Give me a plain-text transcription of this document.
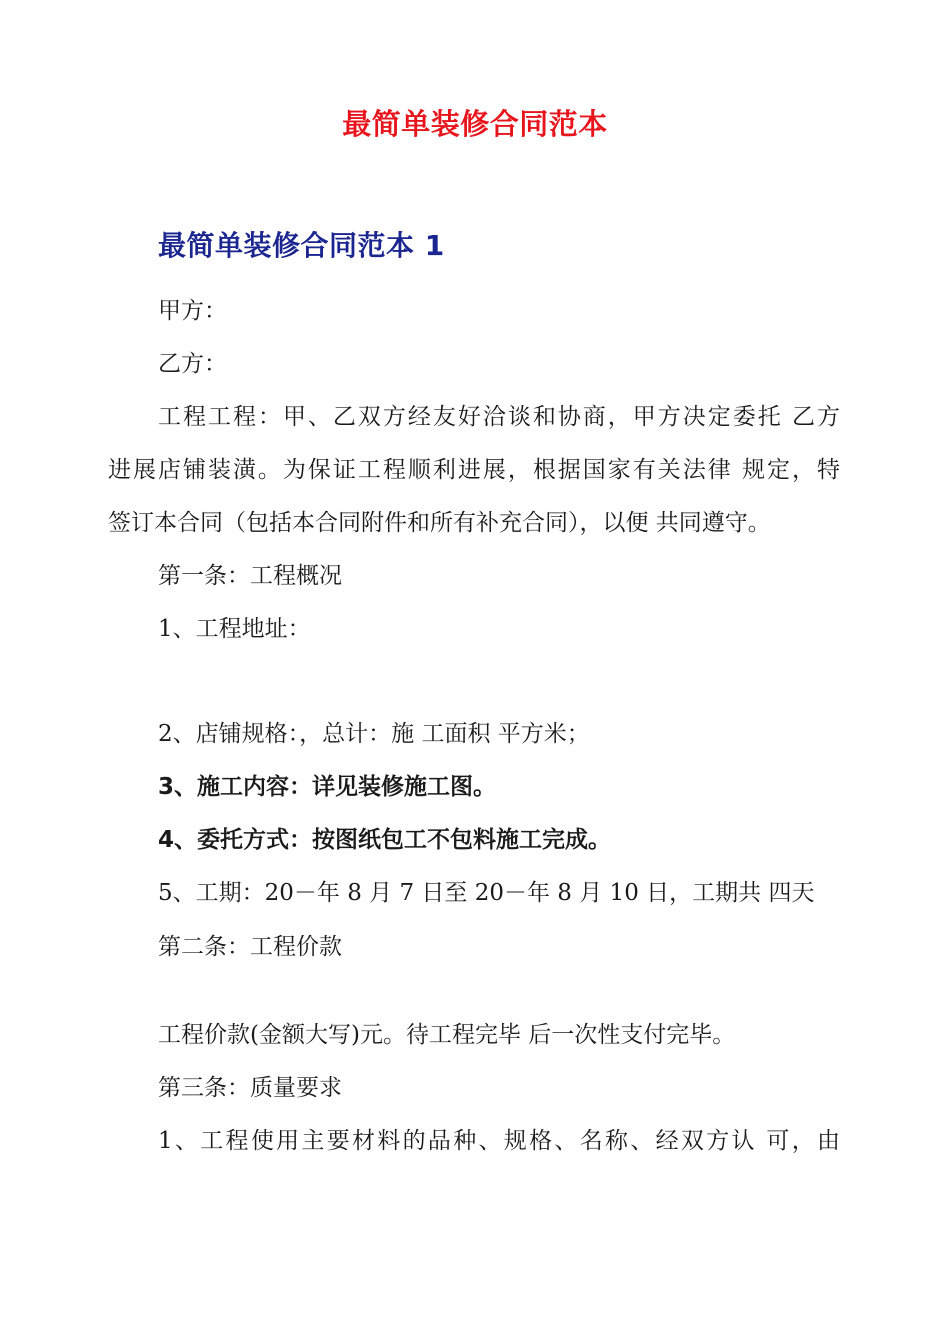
最简单装修合同范本
最简单装修合同范本 1
甲方：
乙方：
工程工程：甲、乙双方经友好洽谈和协商，甲方决定委托 乙方
进展店铺装潢。为保证工程顺利进展，根据国家有关法律 规定，特
签订本合同（包括本合同附件和所有补充合同），以便 共同遵守。
第一条：工程概况
1、工程地址：
2、店铺规格：，总计：施 工面积 平方米；
3、施工内容：详见装修施工图。
4、委托方式：按图纸包工不包料施工完成。
5、工期：20－年 8 月 7 日至 20－年 8 月 10 日，工期共 四天
第二条：工程价款
工程价款(金额大写)元。待工程完毕 后一次性支付完毕。
第三条：质量要求
1、工程使用主要材料的品种、规格、名称、经双方认 可，由
